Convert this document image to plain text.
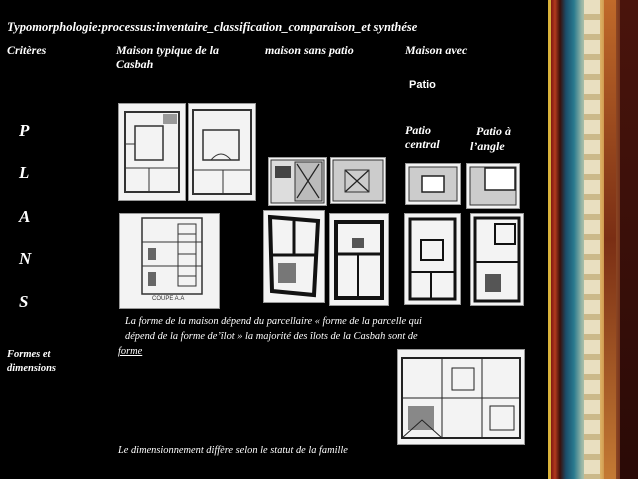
Typomorphologie:processus:inventaire_classification_comparaison_et synthése
Critères	Maison typique de la
Casbah
maison sans patio	Maison avec
Patio
Patio
central
Patio à
l’angle
P
L
A
N
S
Formes et
dimensions
La forme de la maison dépend du parcellaire « forme de la parcelle qui
dépend de la forme de’îlot » la majorité des îlots de la Casbah sont de
forme
Le dimensionnement diffère selon le statut de la famille
COUPE A.A
